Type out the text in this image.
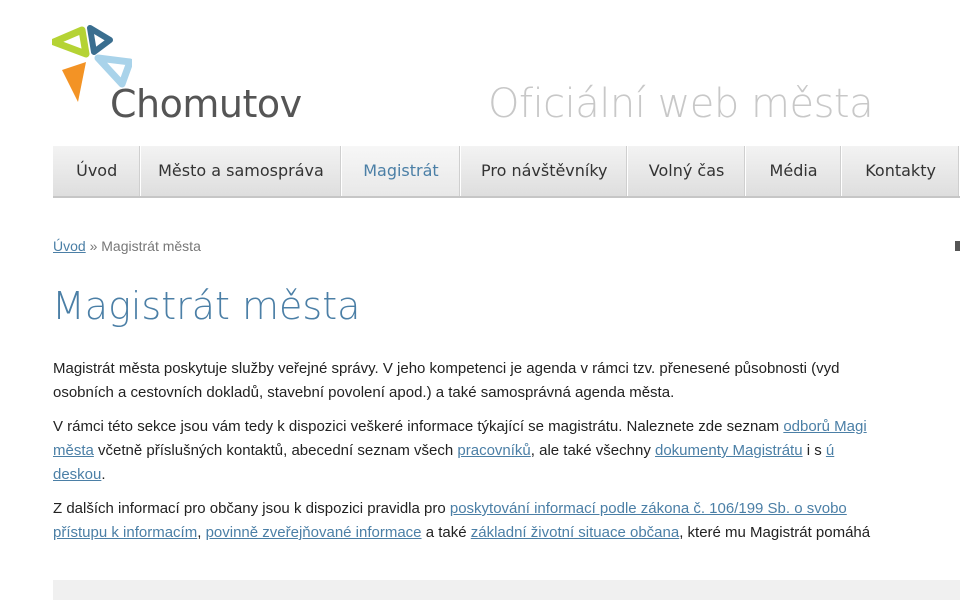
Chomutov	Oficiální web města
Úvod	Město a samospráva	Magistrát	Pro návštěvníky	Volný čas	Média	Kontakty
Úvod » Magistrát města
Magistrát města

Magistrát města poskytuje služby veřejné správy. V jeho kompetenci je agenda v rámci tzv. přenesené působnosti (vyd
osobních a cestovních dokladů, stavební povolení apod.) a také samosprávná agenda města.

V rámci této sekce jsou vám tedy k dispozici veškeré informace týkající se magistrátu. Naleznete zde seznam odborů Magi
města včetně příslušných kontaktů, abecední seznam všech pracovníků, ale také všechny dokumenty Magistrátu i s ú
deskou.

Z dalších informací pro občany jsou k dispozici pravidla pro poskytování informací podle zákona č. 106/199 Sb. o svobo
přístupu k informacím, povinně zveřejňované informace a také základní životní situace občana, které mu Magistrát pomáhá
